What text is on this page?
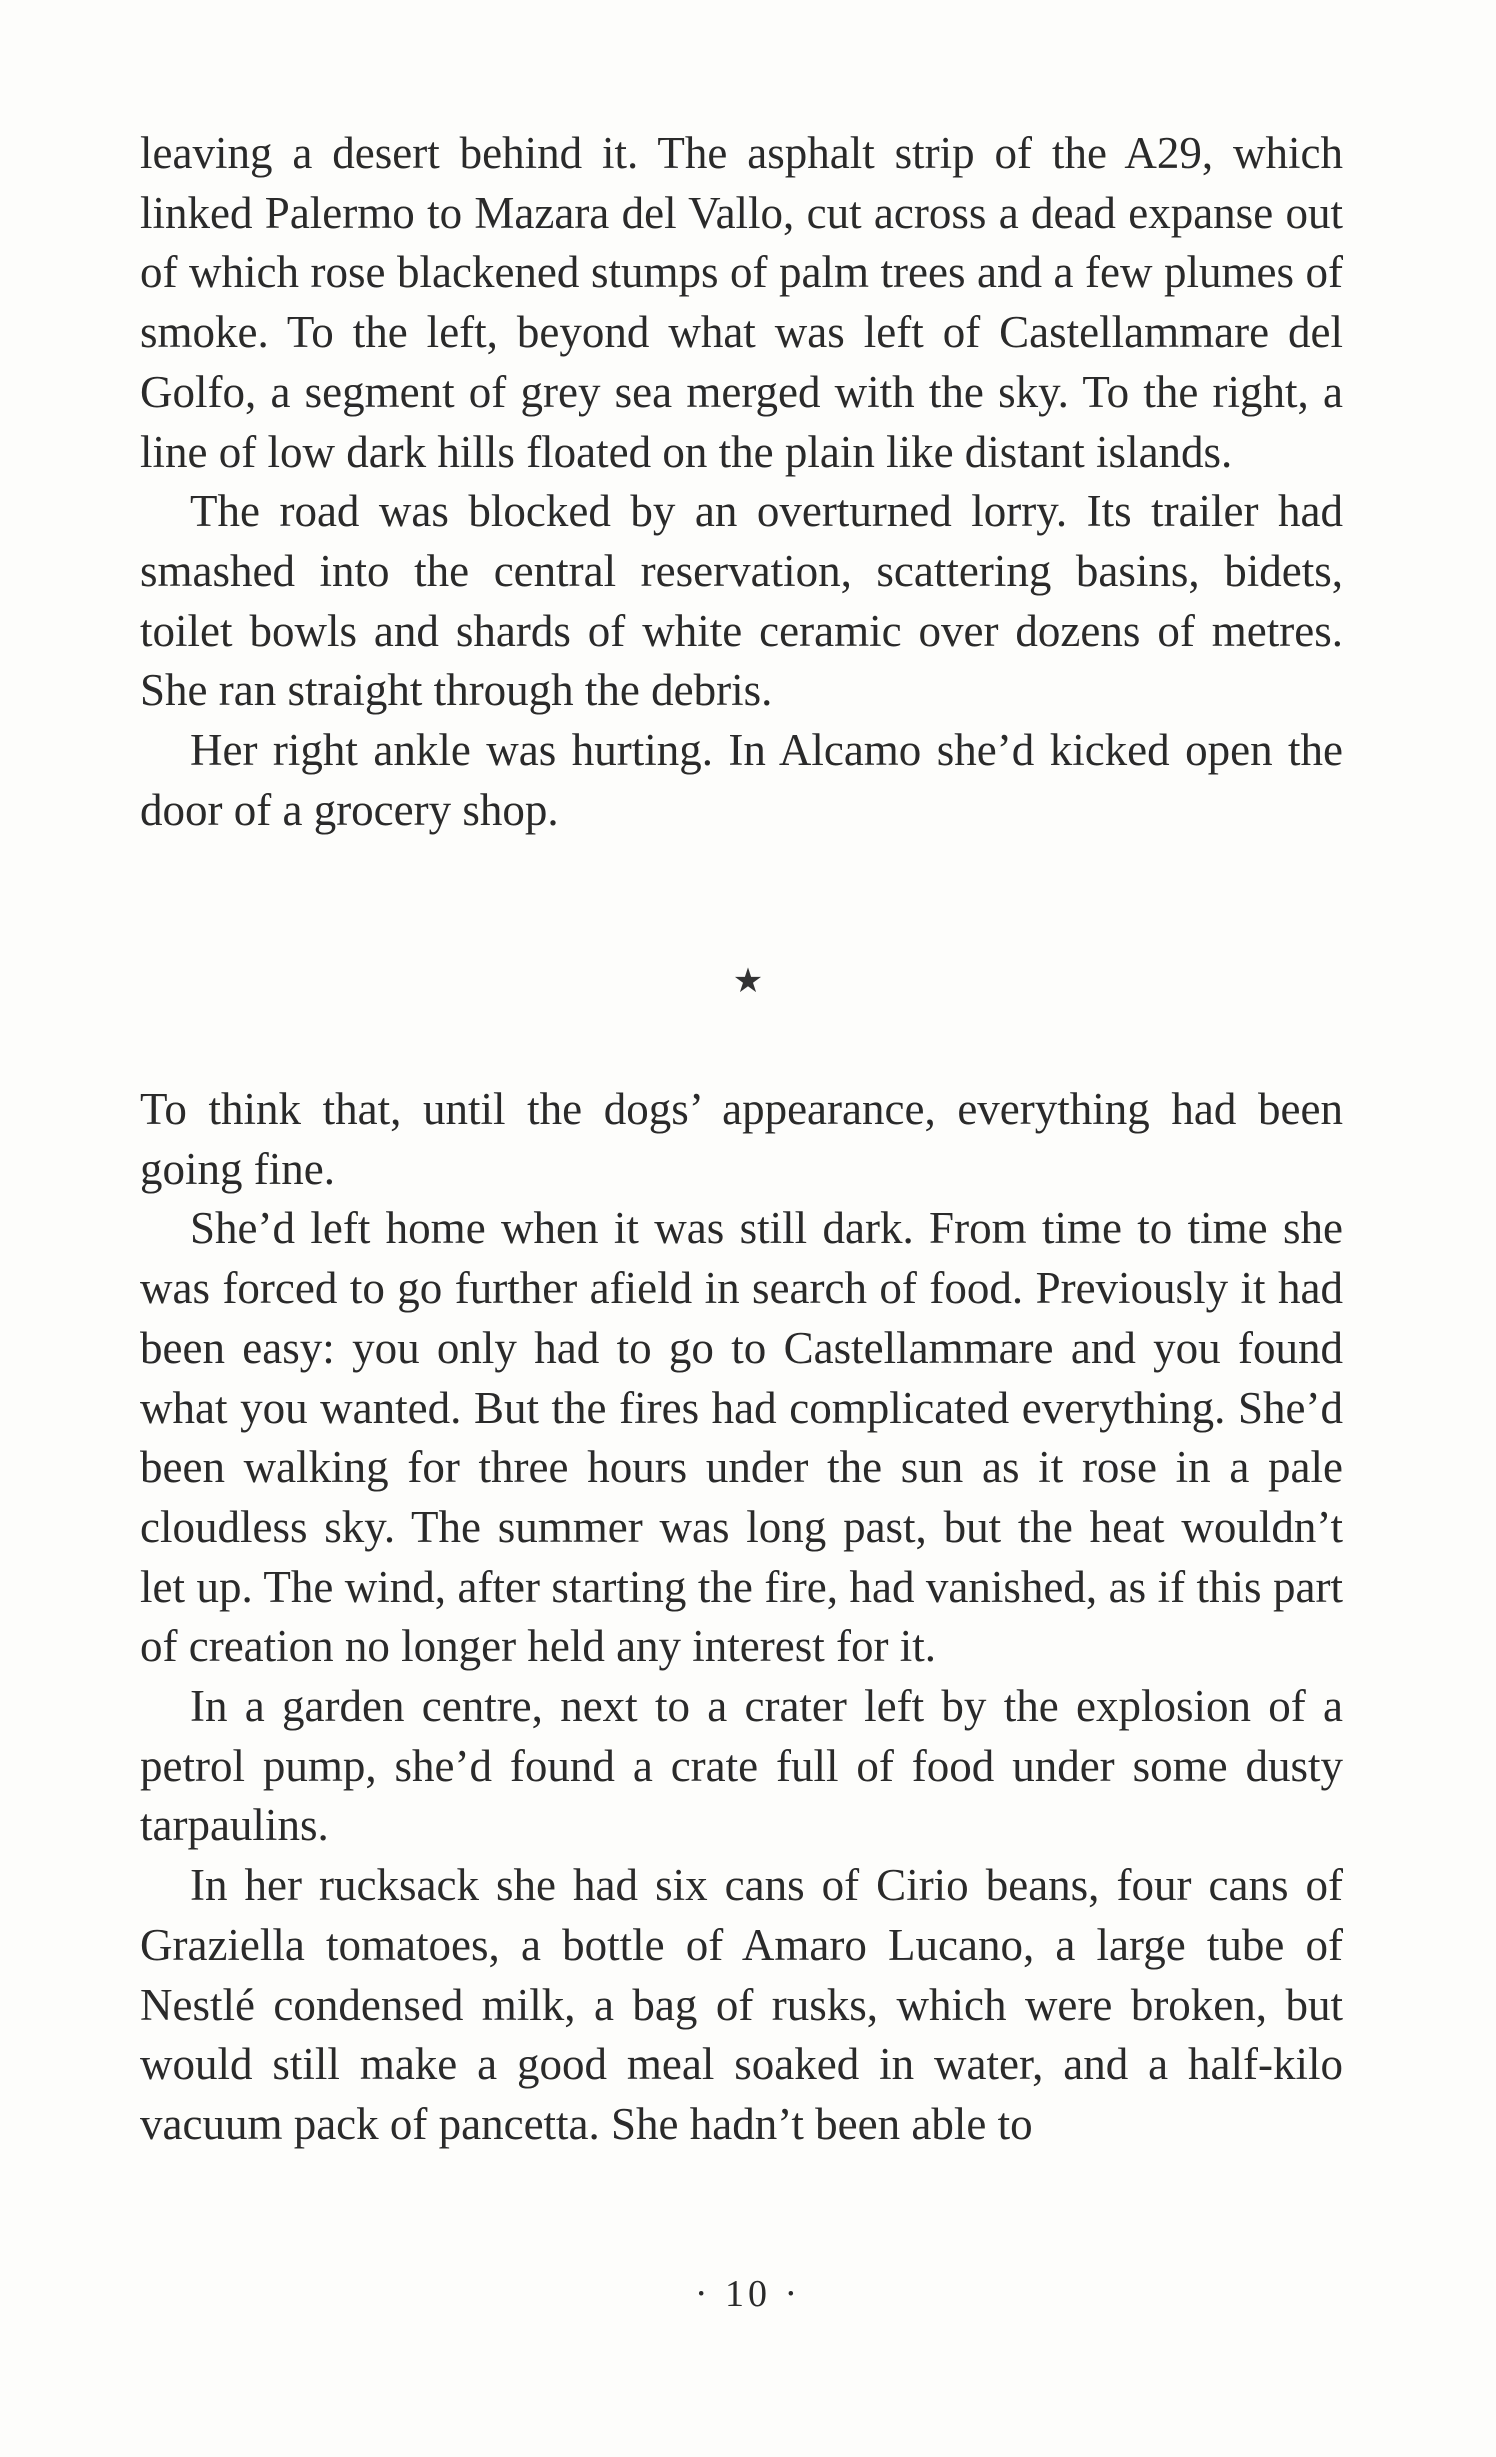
leaving a desert behind it. The asphalt strip of the A29, which linked Palermo to Mazara del Vallo, cut across a dead expanse out of which rose blackened stumps of palm trees and a few plumes of smoke. To the left, beyond what was left of Castellammare del Golfo, a segment of grey sea merged with the sky. To the right, a line of low dark hills floated on the plain like distant islands.

The road was blocked by an overturned lorry. Its trailer had smashed into the central reservation, scattering basins, bidets, toilet bowls and shards of white ceramic over dozens of metres. She ran straight through the debris.

Her right ankle was hurting. In Alcamo she’d kicked open the door of a grocery shop.

★

To think that, until the dogs’ appearance, everything had been going fine.

She’d left home when it was still dark. From time to time she was forced to go further afield in search of food. Previously it had been easy: you only had to go to Castellammare and you found what you wanted. But the fires had complicated everything. She’d been walking for three hours under the sun as it rose in a pale cloudless sky. The summer was long past, but the heat wouldn’t let up. The wind, after starting the fire, had vanished, as if this part of creation no longer held any interest for it.

In a garden centre, next to a crater left by the explosion of a petrol pump, she’d found a crate full of food under some dusty tarpaulins.

In her rucksack she had six cans of Cirio beans, four cans of Graziella tomatoes, a bottle of Amaro Lucano, a large tube of Nestlé condensed milk, a bag of rusks, which were broken, but would still make a good meal soaked in water, and a half-kilo vacuum pack of pancetta. She hadn’t been able to

· 10 ·
